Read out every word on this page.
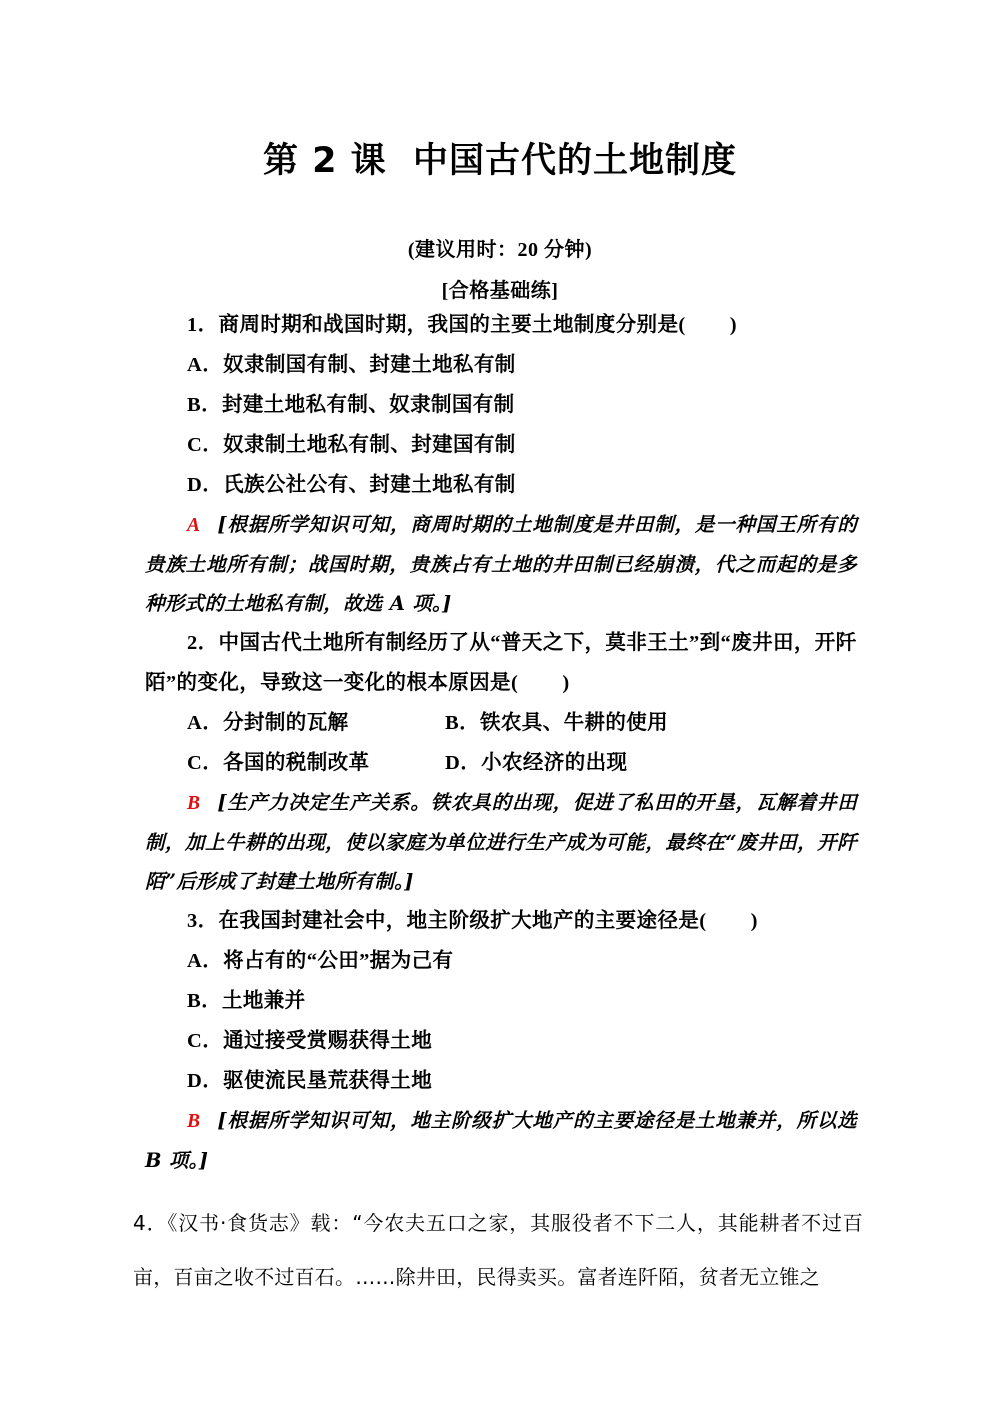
第 2 课  中国古代的土地制度
(建议用时：20 分钟)
[合格基础练]

1．商周时期和战国时期，我国的主要土地制度分别是(        )

A．奴隶制国有制、封建土地私有制

B．封建土地私有制、奴隶制国有制

C．奴隶制土地私有制、封建国有制

D．氏族公社公有、封建土地私有制

A [根据所学知识可知，商周时期的土地制度是井田制，是一种国王所有的贵族土地所有制；战国时期，贵族占有土地的井田制已经崩溃，代之而起的是多种形式的土地私有制，故选 A 项。]

2．中国古代土地所有制经历了从“普天之下，莫非王土”到“废井田，开阡陌”的变化，导致这一变化的根本原因是(        )

A．分封制的瓦解	B．铁农具、牛耕的使用
C．各国的税制改革	D．小农经济的出现

B [生产力决定生产关系。铁农具的出现，促进了私田的开垦，瓦解着井田制，加上牛耕的出现，使以家庭为单位进行生产成为可能，最终在“废井田，开阡陌”后形成了封建土地所有制。]

3．在我国封建社会中，地主阶级扩大地产的主要途径是(        )

A．将占有的“公田”据为己有

B．土地兼并

C．通过接受赏赐获得土地

D．驱使流民垦荒获得土地

B [根据所学知识可知，地主阶级扩大地产的主要途径是土地兼并，所以选 B 项。]

4．《汉书·食货志》载：“今农夫五口之家，其服役者不下二人，其能耕者不过百亩，百亩之收不过百石。……除井田，民得卖买。富者连阡陌，贫者无立锥之
